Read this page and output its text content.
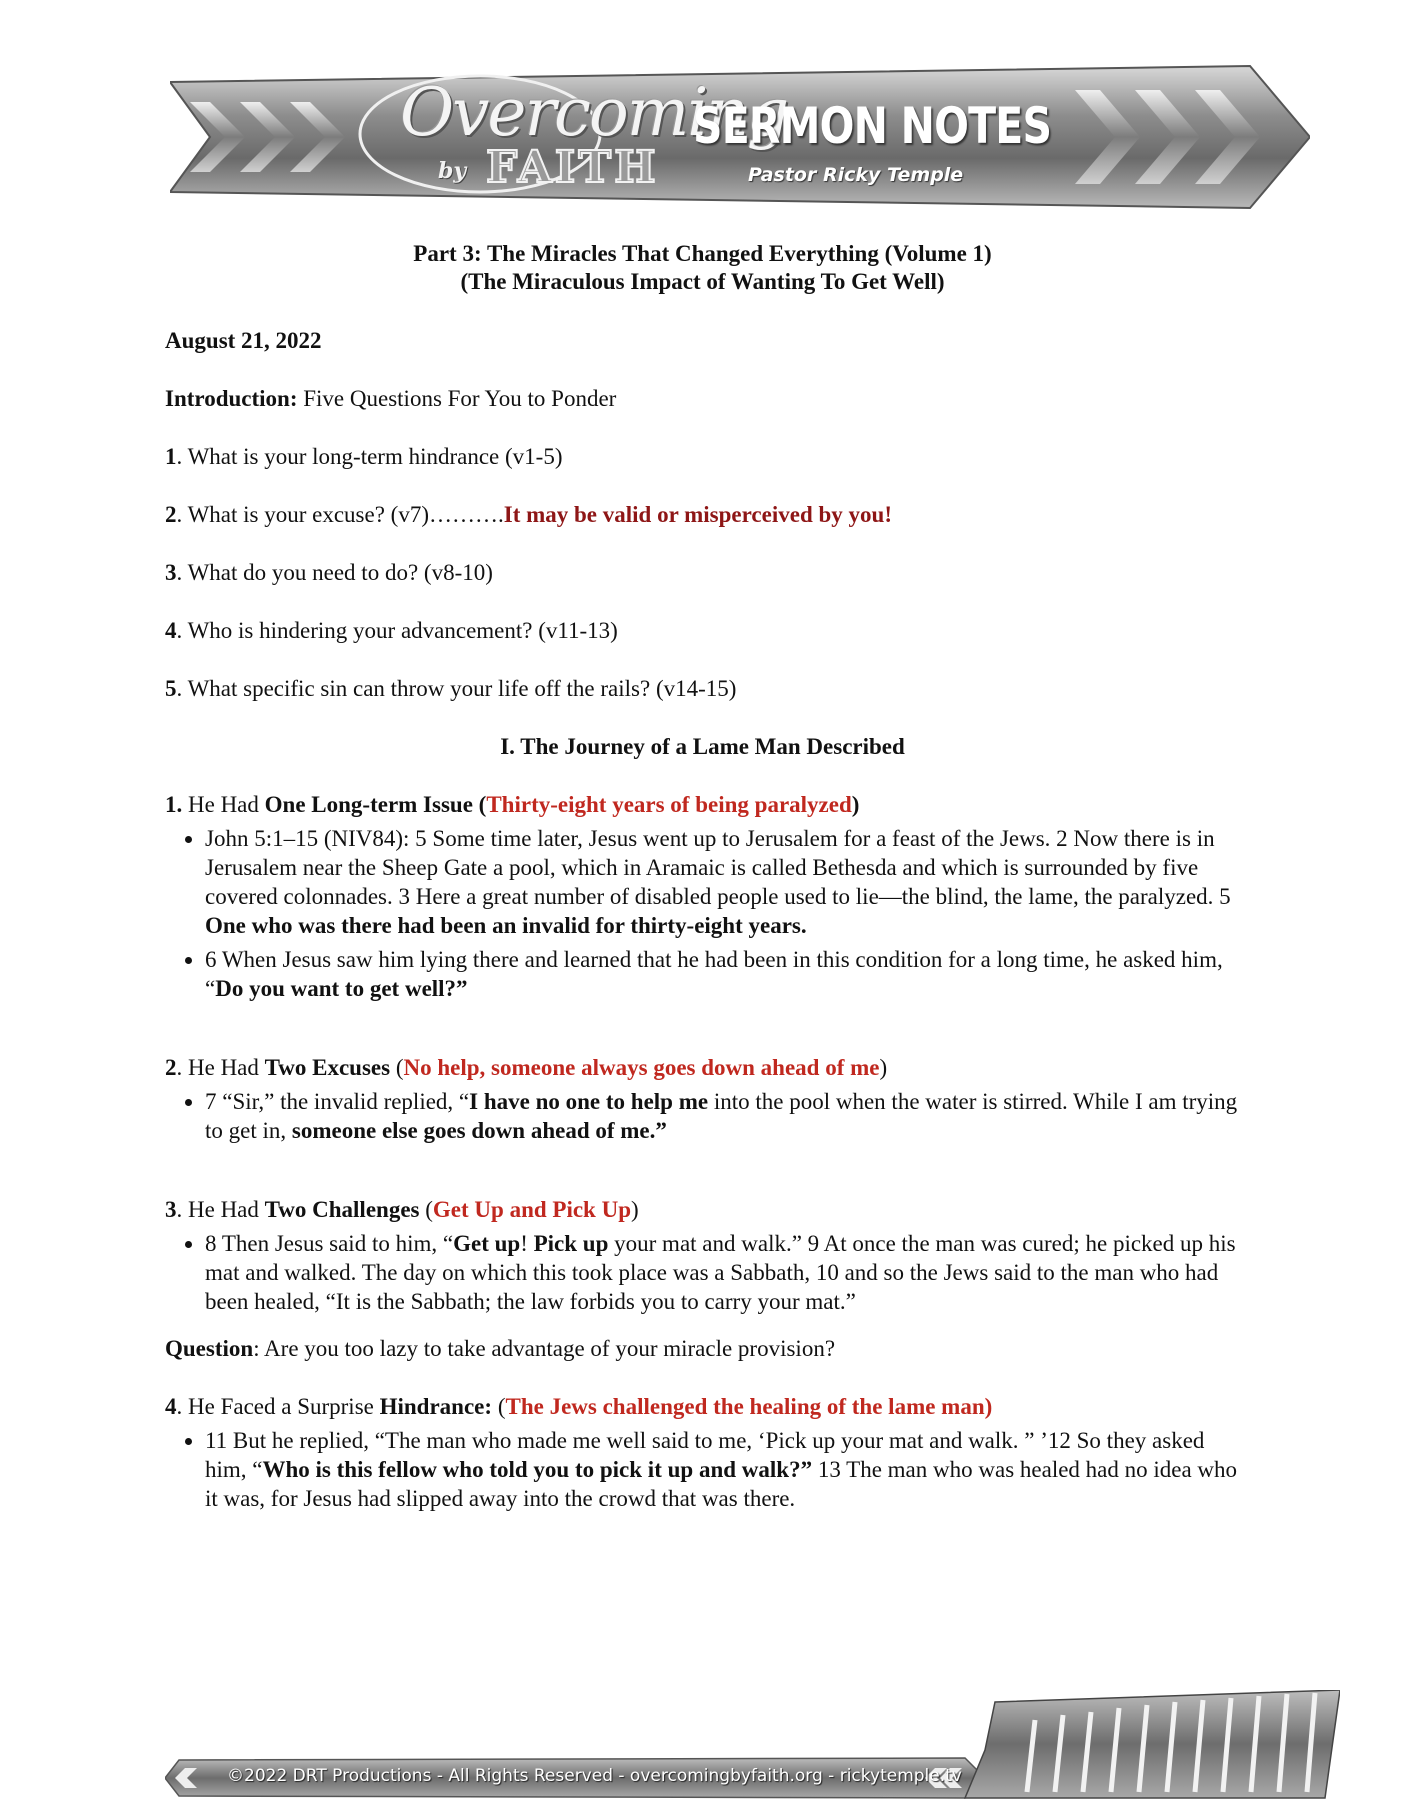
Overcoming
by FAITH
SERMON NOTES
Pastor Ricky Temple
Part 3: The Miracles That Changed Everything (Volume 1)
(The Miraculous Impact of Wanting To Get Well)

August 21, 2022

Introduction: Five Questions For You to Ponder

1. What is your long-term hindrance (v1-5)

2. What is your excuse? (v7)……….It may be valid or misperceived by you!

3. What do you need to do? (v8-10)

4. Who is hindering your advancement? (v11-13)

5. What specific sin can throw your life off the rails? (v14-15)

I. The Journey of a Lame Man Described

1. He Had One Long-term Issue (Thirty-eight years of being paralyzed)

• John 5:1–15 (NIV84): 5 Some time later, Jesus went up to Jerusalem for a feast of the Jews. 2 Now there is in Jerusalem near the Sheep Gate a pool, which in Aramaic is called Bethesda and which is surrounded by five covered colonnades. 3 Here a great number of disabled people used to lie—the blind, the lame, the paralyzed. 5 One who was there had been an invalid for thirty-eight years.
• 6 When Jesus saw him lying there and learned that he had been in this condition for a long time, he asked him, “Do you want to get well?”

2. He Had Two Excuses (No help, someone always goes down ahead of me)

• 7 “Sir,” the invalid replied, “I have no one to help me into the pool when the water is stirred. While I am trying to get in, someone else goes down ahead of me.”

3. He Had Two Challenges (Get Up and Pick Up)

• 8 Then Jesus said to him, “Get up! Pick up your mat and walk.” 9 At once the man was cured; he picked up his mat and walked. The day on which this took place was a Sabbath, 10 and so the Jews said to the man who had been healed, “It is the Sabbath; the law forbids you to carry your mat.”

Question: Are you too lazy to take advantage of your miracle provision?

4. He Faced a Surprise Hindrance: (The Jews challenged the healing of the lame man)

• 11 But he replied, “The man who made me well said to me, ‘Pick up your mat and walk. ” ’12 So they asked him, “Who is this fellow who told you to pick it up and walk?” 13 The man who was healed had no idea who it was, for Jesus had slipped away into the crowd that was there.
©2022 DRT Productions - All Rights Reserved - overcomingbyfaith.org - rickytemple.tv
